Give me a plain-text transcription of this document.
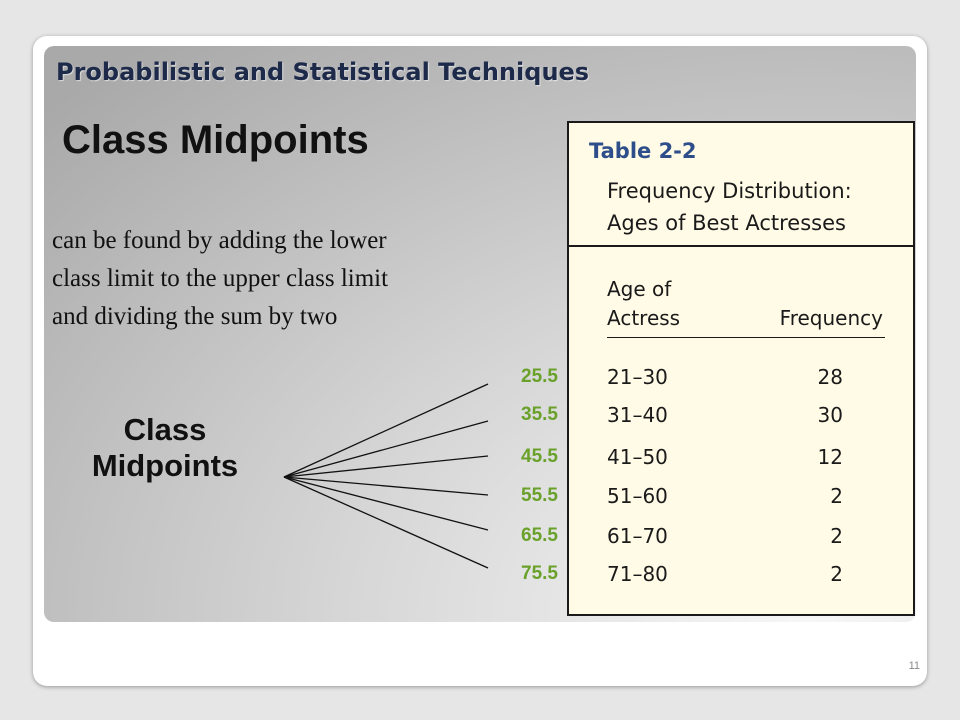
Probabilistic and Statistical Techniques
Class Midpoints

can be found by adding the lower
class limit to the upper class limit
and dividing the sum by two

Class
Midpoints
25.5
35.5
45.5
55.5
65.5
75.5

Table 2-2

Frequency Distribution:
Ages of Best Actresses

Age of
Actress	Frequency
21–30	28
31–40	30
41–50	12
51–60	2
61–70	2
71–80	2
11
